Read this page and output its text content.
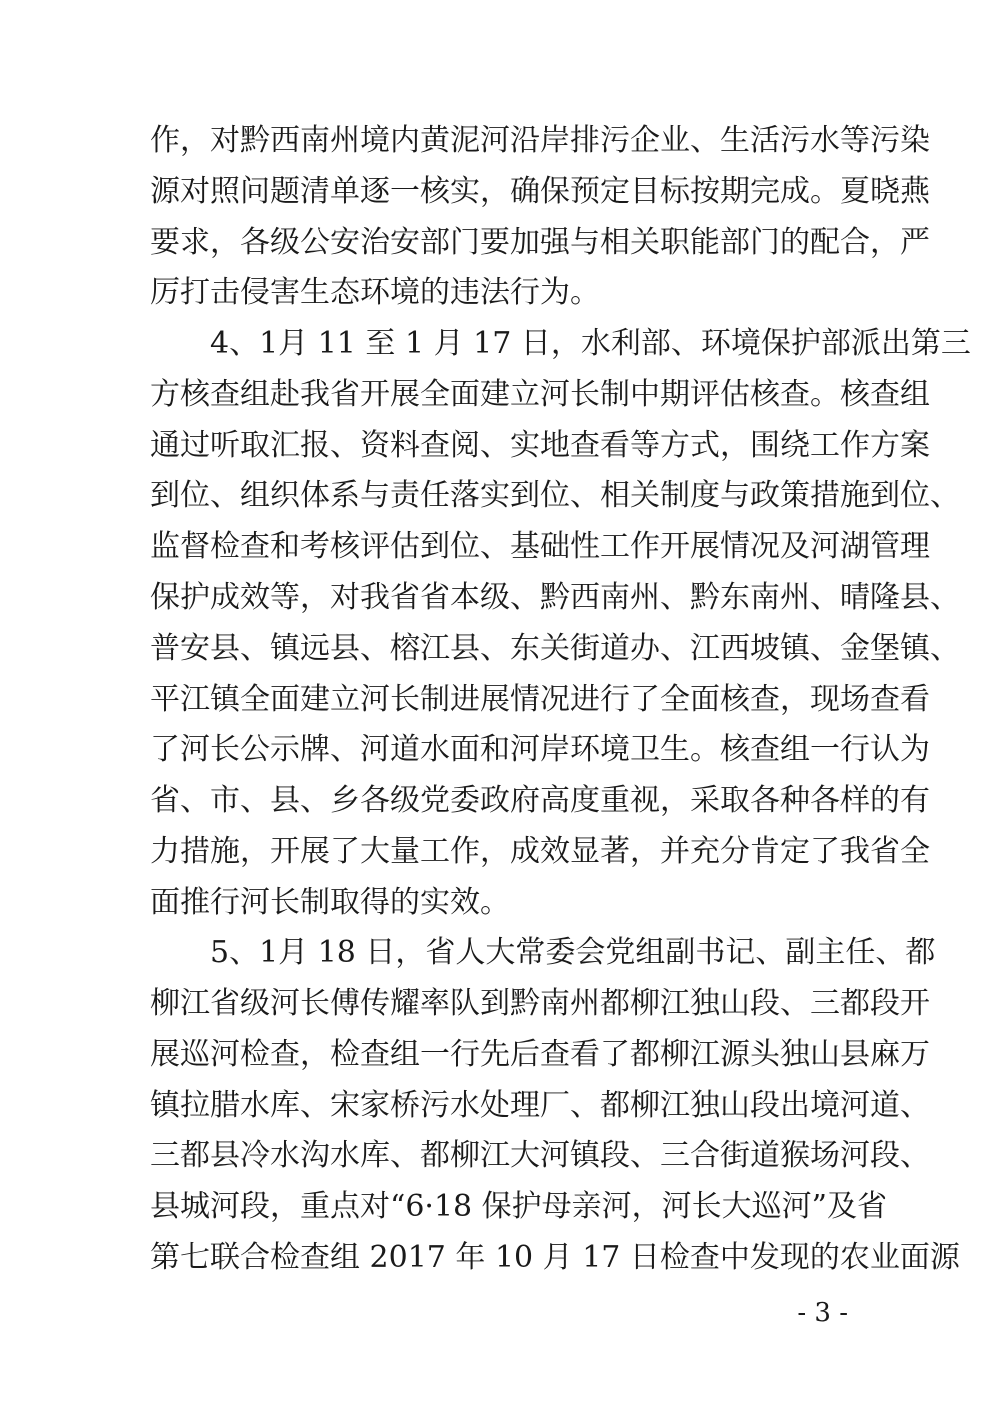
作，对黔西南州境内黄泥河沿岸排污企业、生活污水等污染

源对照问题清单逐一核实，确保预定目标按期完成。夏晓燕

要求，各级公安治安部门要加强与相关职能部门的配合，严

厉打击侵害生态环境的违法行为。

4、1月 11 至 1 月 17 日，水利部、环境保护部派出第三

方核查组赴我省开展全面建立河长制中期评估核查。核查组

通过听取汇报、资料查阅、实地查看等方式，围绕工作方案

到位、组织体系与责任落实到位、相关制度与政策措施到位、

监督检查和考核评估到位、基础性工作开展情况及河湖管理

保护成效等，对我省省本级、黔西南州、黔东南州、晴隆县、

普安县、镇远县、榕江县、东关街道办、江西坡镇、金堡镇、

平江镇全面建立河长制进展情况进行了全面核查，现场查看

了河长公示牌、河道水面和河岸环境卫生。核查组一行认为

省、市、县、乡各级党委政府高度重视，采取各种各样的有

力措施，开展了大量工作，成效显著，并充分肯定了我省全

面推行河长制取得的实效。

5、1月 18 日，省人大常委会党组副书记、副主任、都

柳江省级河长傅传耀率队到黔南州都柳江独山段、三都段开

展巡河检查，检查组一行先后查看了都柳江源头独山县麻万

镇拉腊水库、宋家桥污水处理厂、都柳江独山段出境河道、

三都县冷水沟水库、都柳江大河镇段、三合街道猴场河段、

县城河段，重点对“6·18 保护母亲河，河长大巡河”及省

第七联合检查组 2017 年 10 月 17 日检查中发现的农业面源

- 3 -
